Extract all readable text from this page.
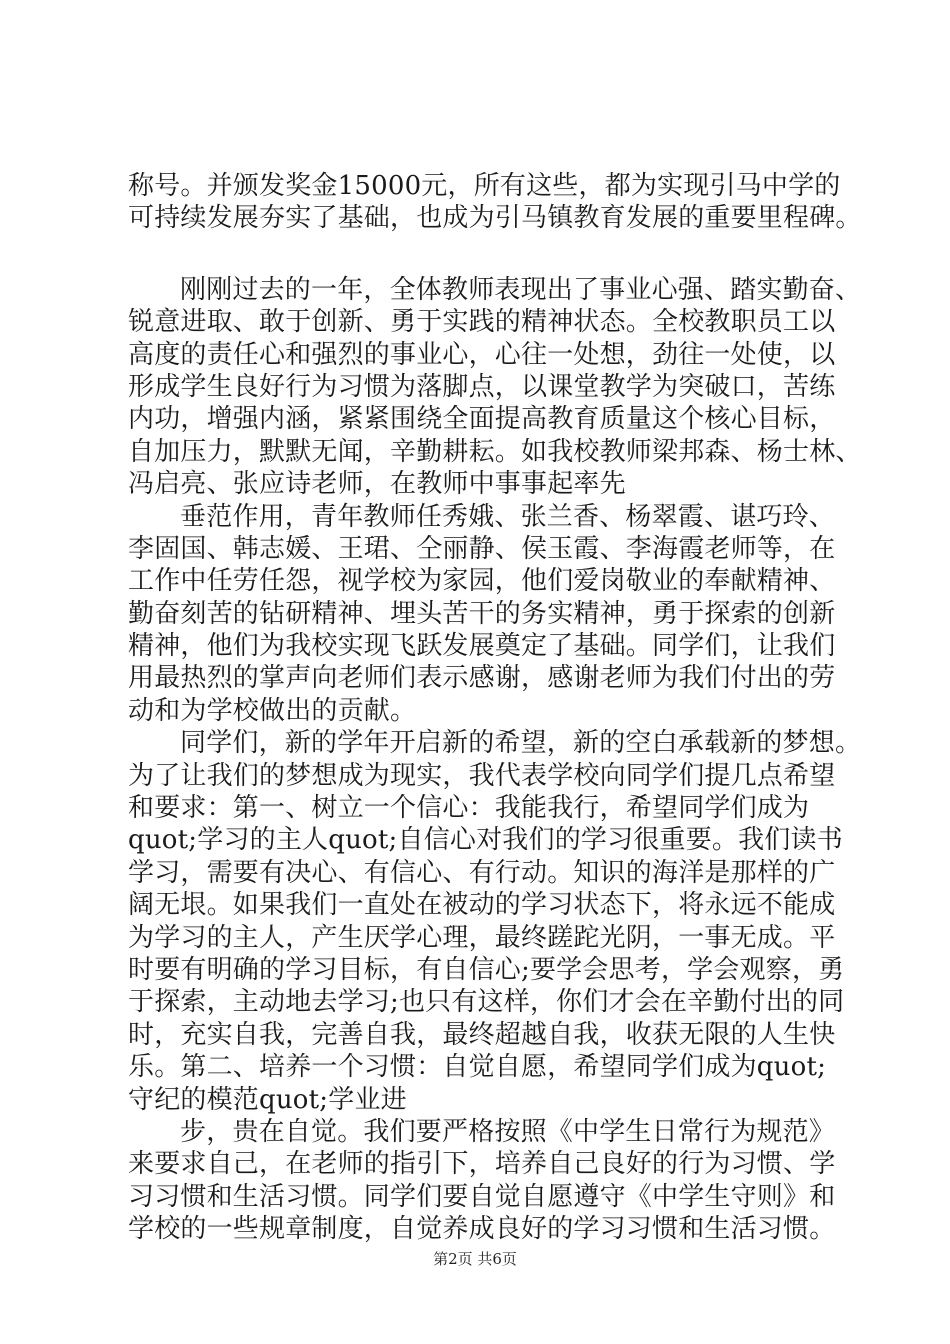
称号。并颁发奖金15000元，所有这些，都为实现引马中学的
可持续发展夯实了基础，也成为引马镇教育发展的重要里程碑。
刚刚过去的一年，全体教师表现出了事业心强、踏实勤奋、
锐意进取、敢于创新、勇于实践的精神状态。全校教职员工以
高度的责任心和强烈的事业心，心往一处想，劲往一处使，以
形成学生良好行为习惯为落脚点，以课堂教学为突破口，苦练
内功，增强内涵，紧紧围绕全面提高教育质量这个核心目标，
自加压力，默默无闻，辛勤耕耘。如我校教师梁邦森、杨士林、
冯启亮、张应诗老师，在教师中事事起率先
垂范作用，青年教师任秀娥、张兰香、杨翠霞、谌巧玲、
李固国、韩志媛、王珺、仝丽静、侯玉霞、李海霞老师等，在
工作中任劳任怨，视学校为家园，他们爱岗敬业的奉献精神、
勤奋刻苦的钻研精神、埋头苦干的务实精神，勇于探索的创新
精神，他们为我校实现飞跃发展奠定了基础。同学们，让我们
用最热烈的掌声向老师们表示感谢，感谢老师为我们付出的劳
动和为学校做出的贡献。
同学们，新的学年开启新的希望，新的空白承载新的梦想。
为了让我们的梦想成为现实，我代表学校向同学们提几点希望
和要求：第一、树立一个信心：我能我行，希望同学们成为
quot;学习的主人quot;自信心对我们的学习很重要。我们读书
学习，需要有决心、有信心、有行动。知识的海洋是那样的广
阔无垠。如果我们一直处在被动的学习状态下，将永远不能成
为学习的主人，产生厌学心理，最终蹉跎光阴，一事无成。平
时要有明确的学习目标，有自信心;要学会思考，学会观察，勇
于探索，主动地去学习;也只有这样，你们才会在辛勤付出的同
时，充实自我，完善自我，最终超越自我，收获无限的人生快
乐。第二、培养一个习惯：自觉自愿，希望同学们成为quot;
守纪的模范quot;学业进
步，贵在自觉。我们要严格按照《中学生日常行为规范》
来要求自己，在老师的指引下，培养自己良好的行为习惯、学
习习惯和生活习惯。同学们要自觉自愿遵守《中学生守则》和
学校的一些规章制度，自觉养成良好的学习习惯和生活习惯。
第2页 共6页
